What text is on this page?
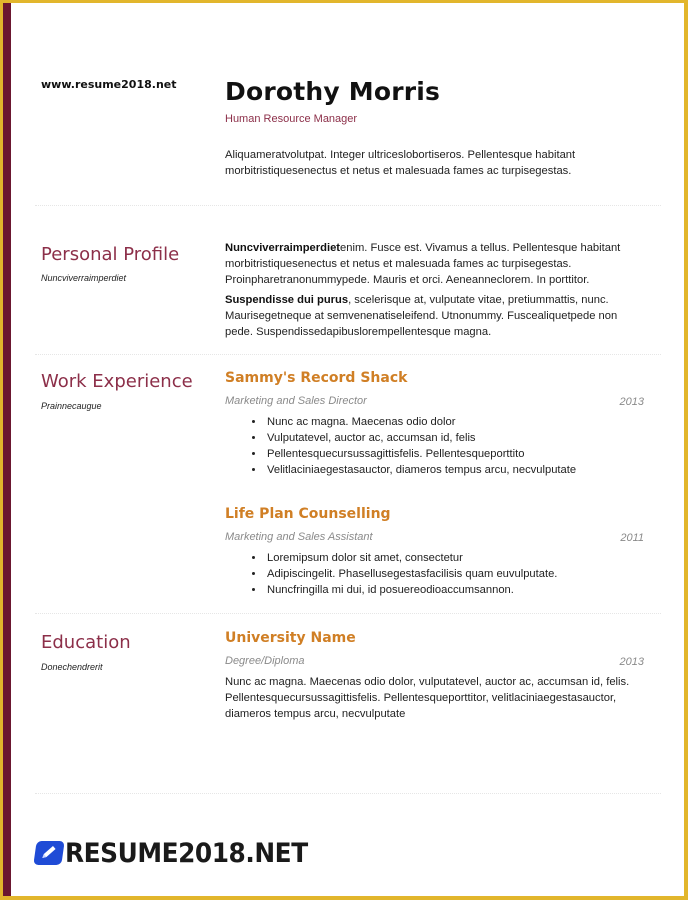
www.resume2018.net Dorothy Morris
Human Resource Manager
Aliquameratvolutpat. Integer ultriceslobortiseros. Pellentesque habitant morbitristiquesenectus et netus et malesuada fames ac turpisegestas.
Personal Profile
Nuncviverraimperdiet
Nuncviverraimperdietenim. Fusce est. Vivamus a tellus. Pellentesque habitant morbitristiquesenectus et netus et malesuada fames ac turpisegestas. Proinpharetranonummypede. Mauris et orci. Aeneanneclorem. In porttitor.
Suspendisse dui purus, scelerisque at, vulputate vitae, pretiummattis, nunc. Maurisegetneque at semvenenatiseleifend. Utnonummy. Fuscealiquetpede non pede. Suspendissedapibuslorempellentesque magna.
Work Experience
Prainnecaugue
Sammy's Record Shack
Marketing and Sales Director	2013
• Nunc ac magna. Maecenas odio dolor
• Vulputatevel, auctor ac, accumsan id, felis
• Pellentesquecursussagittisfelis. Pellentesqueporttito
• Velitlaciniaegestasauctor, diameros tempus arcu, necvulputate
Life Plan Counselling
Marketing and Sales Assistant	2011
• Loremipsum dolor sit amet, consectetur
• Adipiscingelit. Phasellusegestasfacilisis quam euvulputate.
• Nuncfringilla mi dui, id posuereodioaccumsannon.
Education
Donechendrerit
University Name
Degree/Diploma	2013
Nunc ac magna. Maecenas odio dolor, vulputatevel, auctor ac, accumsan id, felis. Pellentesquecursussagittisfelis. Pellentesqueporttitor, velitlaciniaegestasauctor, diameros tempus arcu, necvulputate
RESUME2018.NET
